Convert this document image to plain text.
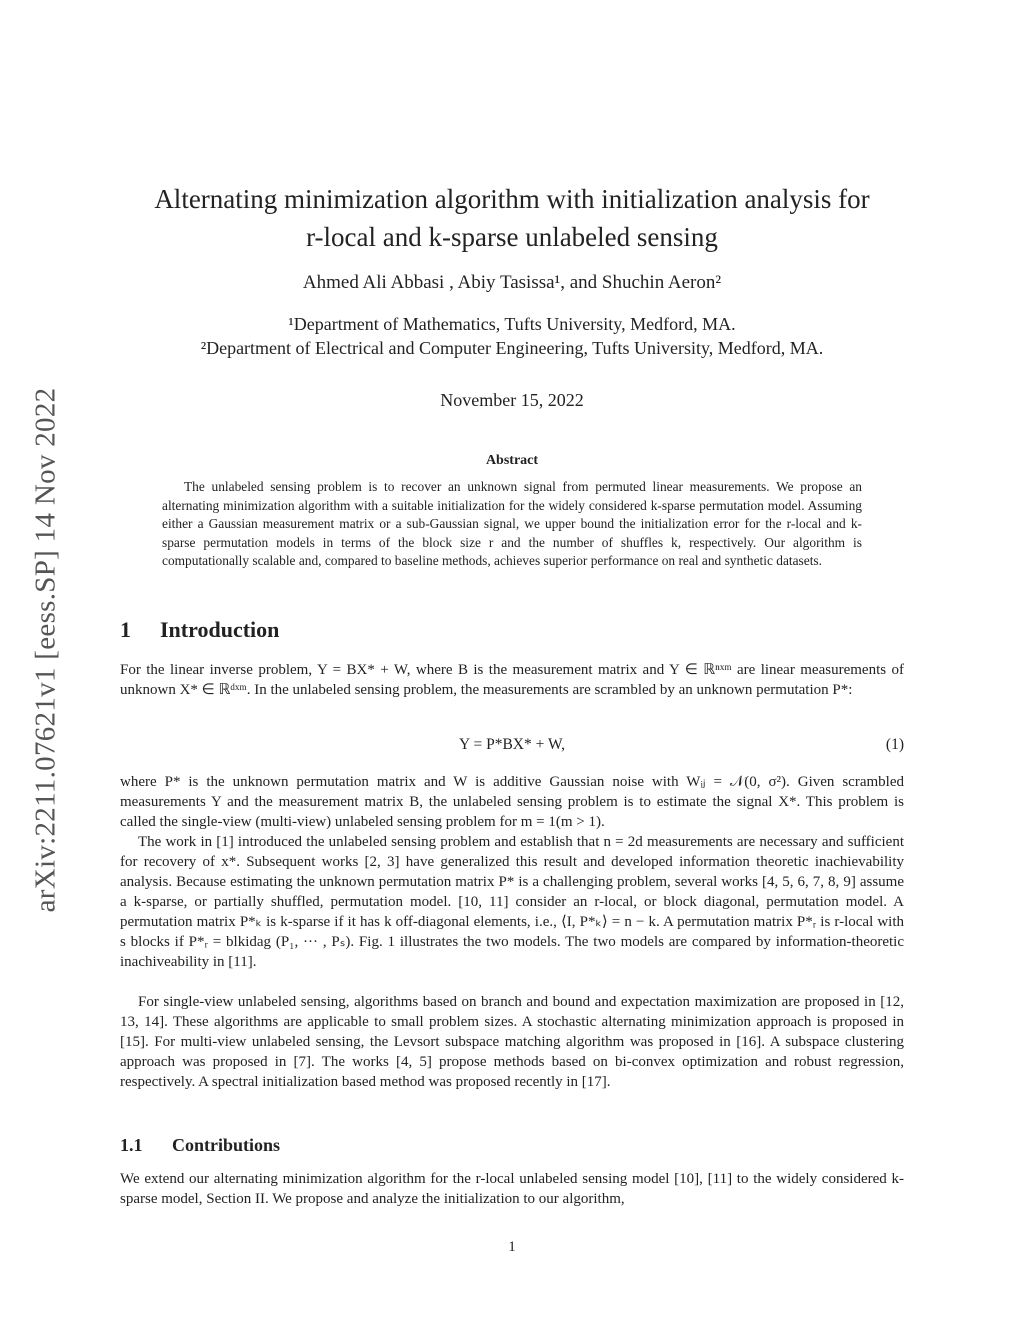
arXiv:2211.07621v1 [eess.SP] 14 Nov 2022
Alternating minimization algorithm with initialization analysis for
r-local and k-sparse unlabeled sensing
Ahmed Ali Abbasi , Abiy Tasissa¹, and Shuchin Aeron²
¹Department of Mathematics, Tufts University, Medford, MA.
²Department of Electrical and Computer Engineering, Tufts University, Medford, MA.
November 15, 2022
Abstract
The unlabeled sensing problem is to recover an unknown signal from permuted linear measurements. We propose an alternating minimization algorithm with a suitable initialization for the widely considered k-sparse permutation model. Assuming either a Gaussian measurement matrix or a sub-Gaussian signal, we upper bound the initialization error for the r-local and k-sparse permutation models in terms of the block size r and the number of shuffles k, respectively. Our algorithm is computationally scalable and, compared to baseline methods, achieves superior performance on real and synthetic datasets.
1 Introduction
For the linear inverse problem, Y = BX* + W, where B is the measurement matrix and Y ∈ ℝⁿˣᵐ are linear measurements of unknown X* ∈ ℝᵈˣᵐ. In the unlabeled sensing problem, the measurements are scrambled by an unknown permutation P*:
Y = P*BX* + W,	(1)
where P* is the unknown permutation matrix and W is additive Gaussian noise with Wᵢⱼ = 𝒩(0, σ²). Given scrambled measurements Y and the measurement matrix B, the unlabeled sensing problem is to estimate the signal X*. This problem is called the single-view (multi-view) unlabeled sensing problem for m = 1(m > 1).
The work in [1] introduced the unlabeled sensing problem and establish that n = 2d measurements are necessary and sufficient for recovery of x*. Subsequent works [2, 3] have generalized this result and developed information theoretic inachievability analysis. Because estimating the unknown permutation matrix P* is a challenging problem, several works [4, 5, 6, 7, 8, 9] assume a k-sparse, or partially shuffled, permutation model. [10, 11] consider an r-local, or block diagonal, permutation model. A permutation matrix P*ₖ is k-sparse if it has k off-diagonal elements, i.e., ⟨I, P*ₖ⟩ = n − k. A permutation matrix P*ᵣ is r-local with s blocks if P*ᵣ = blkidag (P₁, ··· , Pₛ). Fig. 1 illustrates the two models. The two models are compared by information-theoretic inachiveability in [11].
For single-view unlabeled sensing, algorithms based on branch and bound and expectation maximization are proposed in [12, 13, 14]. These algorithms are applicable to small problem sizes. A stochastic alternating minimization approach is proposed in [15]. For multi-view unlabeled sensing, the Levsort subspace matching algorithm was proposed in [16]. A subspace clustering approach was proposed in [7]. The works [4, 5] propose methods based on bi-convex optimization and robust regression, respectively. A spectral initialization based method was proposed recently in [17].
1.1 Contributions
We extend our alternating minimization algorithm for the r-local unlabeled sensing model [10], [11] to the widely considered k-sparse model, Section II. We propose and analyze the initialization to our algorithm,
1
